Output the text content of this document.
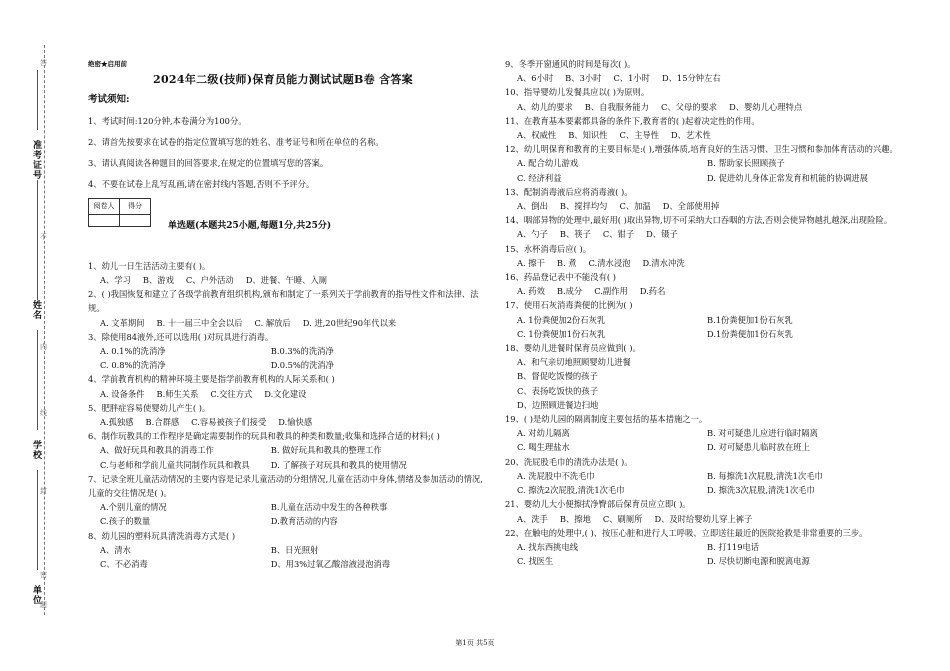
准考证号
姓名
学校
单位
答
不
内
线
封
密
题
绝密★启用前
2024年二级(技师)保育员能力测试试题B卷 含答案
考试须知:
1、考试时间:120分钟,本卷满分为100分。
2、请首先按要求在试卷的指定位置填写您的姓名、准考证号和所在单位的名称。
3、请认真阅读各种题目的回答要求,在规定的位置填写您的答案。
4、不要在试卷上乱写乱画,请在密封线内答题,否则不予评分。
阅卷人	得分

单选题(本题共25小题,每题1分,共25分)
1、幼儿一日生活活动主要有( )。
A、学习 B、游戏 C、户外活动 D、进餐、午睡、入厕
2、( )我国恢复和建立了各级学前教育组织机构,颁布和制定了一系列关于学前教育的指导性文件和法律、法规。
A. 文革期间 B. 十一届三中全会以后 C. 解放后 D. 进,20世纪90年代以来
3、除使用84液外,还可以选用( )对玩具进行消毒。
A. 0.1%的洗消净	B.0.3%的洗消净
C. 0.8%的洗消净	D.0.5%的洗消净
4、学前教育机构的精神环境主要是指学前教育机构的人际关系和( )
A. 设备条件 B.师生关系 C.交往方式 D.文化建设
5、肥胖症容易使婴幼儿产生( )。
A.孤独感 B.合群感 C.容易被孩子们接受 D.愉快感
6、制作玩教具的工作程序是确定需要制作的玩具和教具的种类和数量;收集和选择合适的材料;( )
A、做好玩具和教具的消毒工作	B. 做好玩具和教具的整理工作
C.与老师和学前儿童共同制作玩具和教具	D. 了解孩子对玩具和教具的使用情况
7、记录全班儿童活动情况的主要内容是记录儿童活动的分组情况,儿童在活动中身体,情绪及参加活动的情况,儿童的交往情况是( )。
A.个别儿童的情况	B.儿童在活动中发生的各种秩事
C.孩子的数量	D.教育活动的内容
8、幼儿园的塑料玩具清洗消毒方式是( )
A、清水	B、日光照射
C、不必消毒	D、用3%过氧乙酸溶液浸泡消毒
9、冬季开窗通风的时间是每次( )。
A、6小时 B、3小时 C、1小时 D、15分钟左右
10、指导婴幼儿发餐具应以( )为原则。
A、幼儿的要求 B、自我服务能力 C、父母的要求 D、婴幼儿心理特点
11、在教育基本要素都具备的条件下,教育者的( )起着决定性的作用。
A、权威性 B、知识性 C、主导性 D、艺术性
12、幼儿明保育和教育的主要目标是:( ),增强体质,培育良好的生活习惯、卫生习惯和参加体育活动的兴趣。
A. 配合幼儿游戏	B. 帮助家长照顾孩子
C. 经济利益	D. 促进幼儿身体正常发育和机能的协调进展
13、配制消毒液后应将消毒液( )。
A、倒出 B、搅拌均匀 C、加温 D、全部使用掉
14、咽部异物的处理中,最好用( )取出异物,切不可采纳大口吞咽的方法,否则会使异物越扎越深,出现险险。
A、勺子 B、筷子 C、钳子 D、镊子
15、水杯消毒后应( )。
A. 擦干 B. 煮 C.清水浸泡 D.清水冲洗
16、药品登记表中不能没有( )
A. 药效 B.成分 C.副作用 D.药名
17、使用石灰消毒粪便的比例为( )
A. 1份粪便加2份石灰乳	B.1份粪便加1份石灰乳
C. 1份粪便加1份石灰乳	D.1份粪便加1份石灰乳
18、婴幼儿进餐时保育员应做到( )。
A、和气亲切地照顾婴幼儿进餐
B、督促吃饭慢的孩子
C、表扬吃饭快的孩子
D、边照顾进餐边扫地
19、( )是幼儿园的隔离制度主要包括的基本措施之一。
A. 对幼儿隔离	B. 对可疑患儿应进行临时隔离
C. 喝生理盐水	D. 对可疑患儿临时放在班上
20、洗屁股毛巾的清洗办法是( )。
A. 洗屁股中不洗毛巾	B. 每擦洗1次屁股,清洗1次毛巾
C. 擦洗2次屁股,清洗1次毛巾	D. 擦洗3次屁股,清洗1次毛巾
21、婴幼儿大小便擦拭净臀部后保育员应立即( )。
A、洗手 B、擦地 C、刷厕所 D、及时给婴幼儿穿上裤子
22、在触电的处理中,( )、按压心脏和进行人工呼吸、立即送往最近的医院抢救是非常重要的三步。
A. 找东西挑电线	B. 打119电话
C. 找医生	D. 尽快切断电源和脱离电源
第1页 共5页
